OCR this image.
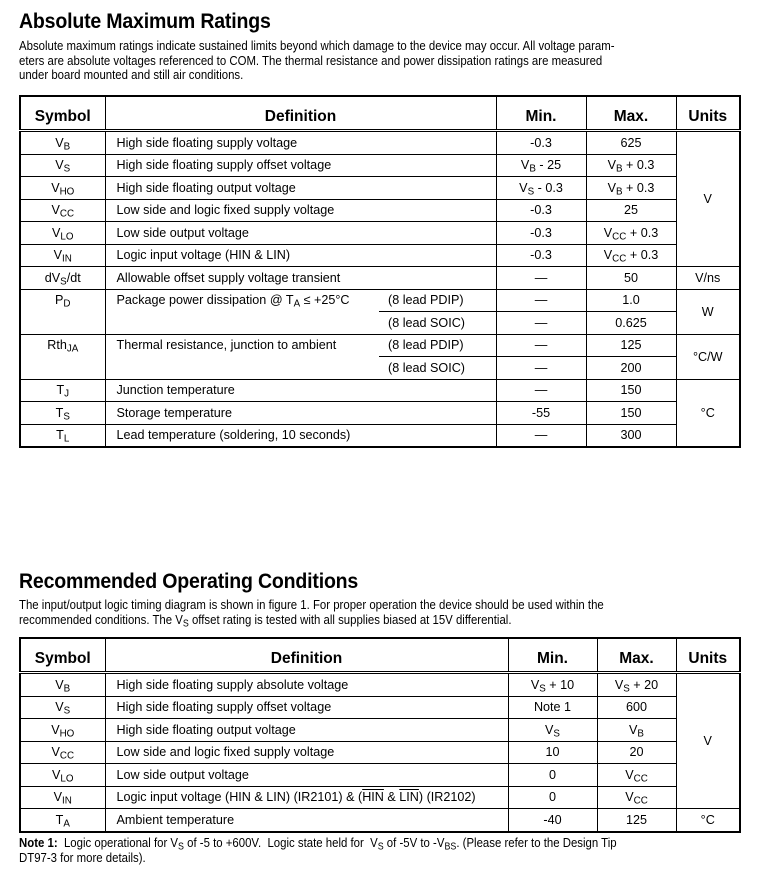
Absolute Maximum Ratings
Absolute maximum ratings indicate sustained limits beyond which damage to the device may occur. All voltage param-
eters are absolute voltages referenced to COM. The thermal resistance and power dissipation ratings are measured
under board mounted and still air conditions.
Symbol	Definition		Min.	Max.	Units
$V_B$	High side floating supply voltage		-0.3	625	V
$V_S$	High side floating supply offset voltage		$V_B - 25$	$V_B + 0.3$	
$V_{HO}$	High side floating output voltage		$V_S - 0.3$	$V_B + 0.3$	
$V_{CC}$	Low side and logic fixed supply voltage		-0.3	25	
$V_{LO}$	Low side output voltage		-0.3	$V_{CC} + 0.3$	
$V_{IN}$	Logic input voltage (HIN & LIN)		-0.3	$V_{CC} + 0.3$	
$dV_S/dt$	Allowable offset supply voltage transient		—	50	V/ns
$P_D$	Package power dissipation @ $T_A \le +25^\circ C$	(8 lead PDIP)	—	1.0	W
		(8 lead SOIC)	—	0.625	
Rth$_{JA}$	Thermal resistance, junction to ambient	(8 lead PDIP)	—	125	°C/W
		(8 lead SOIC)	—	200	
$T_J$	Junction temperature		—	150	°C
$T_S$	Storage temperature		-55	150	
$T_L$	Lead temperature (soldering, 10 seconds)		—	300	
Recommended Operating Conditions
The input/output logic timing diagram is shown in figure 1. For proper operation the device should be used within the
recommended conditions. The $V_S$ offset rating is tested with all supplies biased at 15V differential.
Symbol	Definition	Min.	Max.	Units
$V_B$	High side floating supply absolute voltage	$V_S + 10$	$V_S + 20$	V
$V_S$	High side floating supply offset voltage	Note 1	600	
$V_{HO}$	High side floating output voltage	$V_S$	$V_B$
$V_{CC}$	Low side and logic fixed supply voltage	10	20	
$V_{LO}$	Low side output voltage	0	$V_{CC}$
$V_{IN}$	Logic input voltage (HIN & LIN) (IR2101) & ($\overline{HIN}$ & $\overline{LIN}$) (IR2102)	0	$V_{CC}$
$T_A$	Ambient temperature	-40	125	°C
Note 1:  Logic operational for $V_S$ of -5 to +600V.  Logic state held for  $V_S$ of -5V to $-V_{BS}$. (Please refer to the Design Tip
DT97-3 for more details).
